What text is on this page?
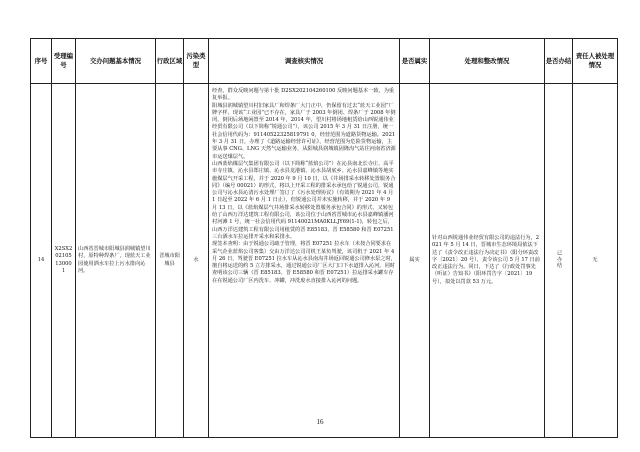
序号	受理编号	交办问题基本情况	行政区域	污染类型	调查核实情况	是否属实	处理和整改情况	是否办结	责任人被处理情况
14	X2SX202105130001	山西省晋城市阳城县润城镇望川村，原特种焊条厂，现蓝天工业园使用洒水车拉上污水排向沁河。	晋城市阳城县	水	经查，群众反映问题与第十批 D2SX202104260100 反映问题基本一致，为重复举报。

阳城县润城镇望川村旧家具厂和焊条厂大门正中，仍保留有过去“蓝天工业园”厂牌字样，现该“工业园”已不存在，家具厂于 2003 年倒闭、焊条厂于 2008 年倒闭，倒闭后场地闲置至 2014 年，2014 年，望川村将场地租赁给山西锐通伟业经贸有限公司（以下简称“锐通公司”），该公司 2015 年 3 月 31 日注册，统一社会信用代码为：91140522325819791 0，经营范围为道路货物运输。2021 年 3 月 31 日，办理了《道路运输经营许可证》，经营范围为危险货物运输，主要从事 CNG、LNG 天然气运输业务，从阳城县润城镇固隆沟气站往河南省济源市运送煤层气。

山西蓝焰煤层气集团有限公司（以下简称“蓝焰公司”）在沁县南北长寺庄、高平市寺庄镇、沁水县郑庄镇、沁水县龙港镇、沁水县胡底乡、沁水县嘉峰镇等地实施煤层气开采工程，并于 2020 年 9 月 10 日，以《井场排采水转移处置服务合同》（编号 00021）的形式，将以上开采工程的排采水承包给了锐通公司，锐通公司与沁水县沁清污水处理厂签订了《污水处理协议》（有效期为 2021 年 4 月 1 日起至 2022 年 6 月 1 日止），但锐通公司并未实施转移，并于 2020 年 9 月 13 日，以《蓝焰煤层气井场排采水转移处置服务承包合同》的形式，又转包给了山西万洋达建筑工程有限公司，该公司位于山西省晋城市沁水县嘉峰镇潘河村河滩 1 号，统一社会信用代码 91140021MA0KLLJY69(1-1)，转包之后，山西万洋达建筑工程有限公司用租赁的晋 E85183、晋 E58580 和晋 E07251 三台洒水车拉运排开采水和采排水。

现签本查明：由于锐通公司疏于管理，将晋 E07251 拉水车（未按合同要求在采气企业蓝焰公司客集）交由万洋达公司司机王某负驾驶，该司机于 2021 年 4 月 26 日，驾驶晋 E07251 拉水车从沁水县南沟井场返回锐通公司修水泵之时，擅自将运送的约 5 立方排采水，通过锐通公司厂区大门口下水道排入沁河。同时查明该公司三辆（晋 E85183、晋 E58580 和晋 E07251）拉运排采水罐车存在在锐通公司厂区内洗车、冲罐，冲洗废水直接排入沁河的问题。	属实	针对山西锐通伟业经贸有限公司的违法行为，2021 年 5 月 14 日，晋城市生态环境局依法下达了《责令改正违法行为决定书》（阳分环责改字〔2021〕20 号），责令该公司 5 月 17 日前改正违法行为。同日，下达了《行政处罚事先（听证）告知书》（阳环罚告字〔2021〕19 号），拟处以罚款 53 万元。	已办结	无
16
